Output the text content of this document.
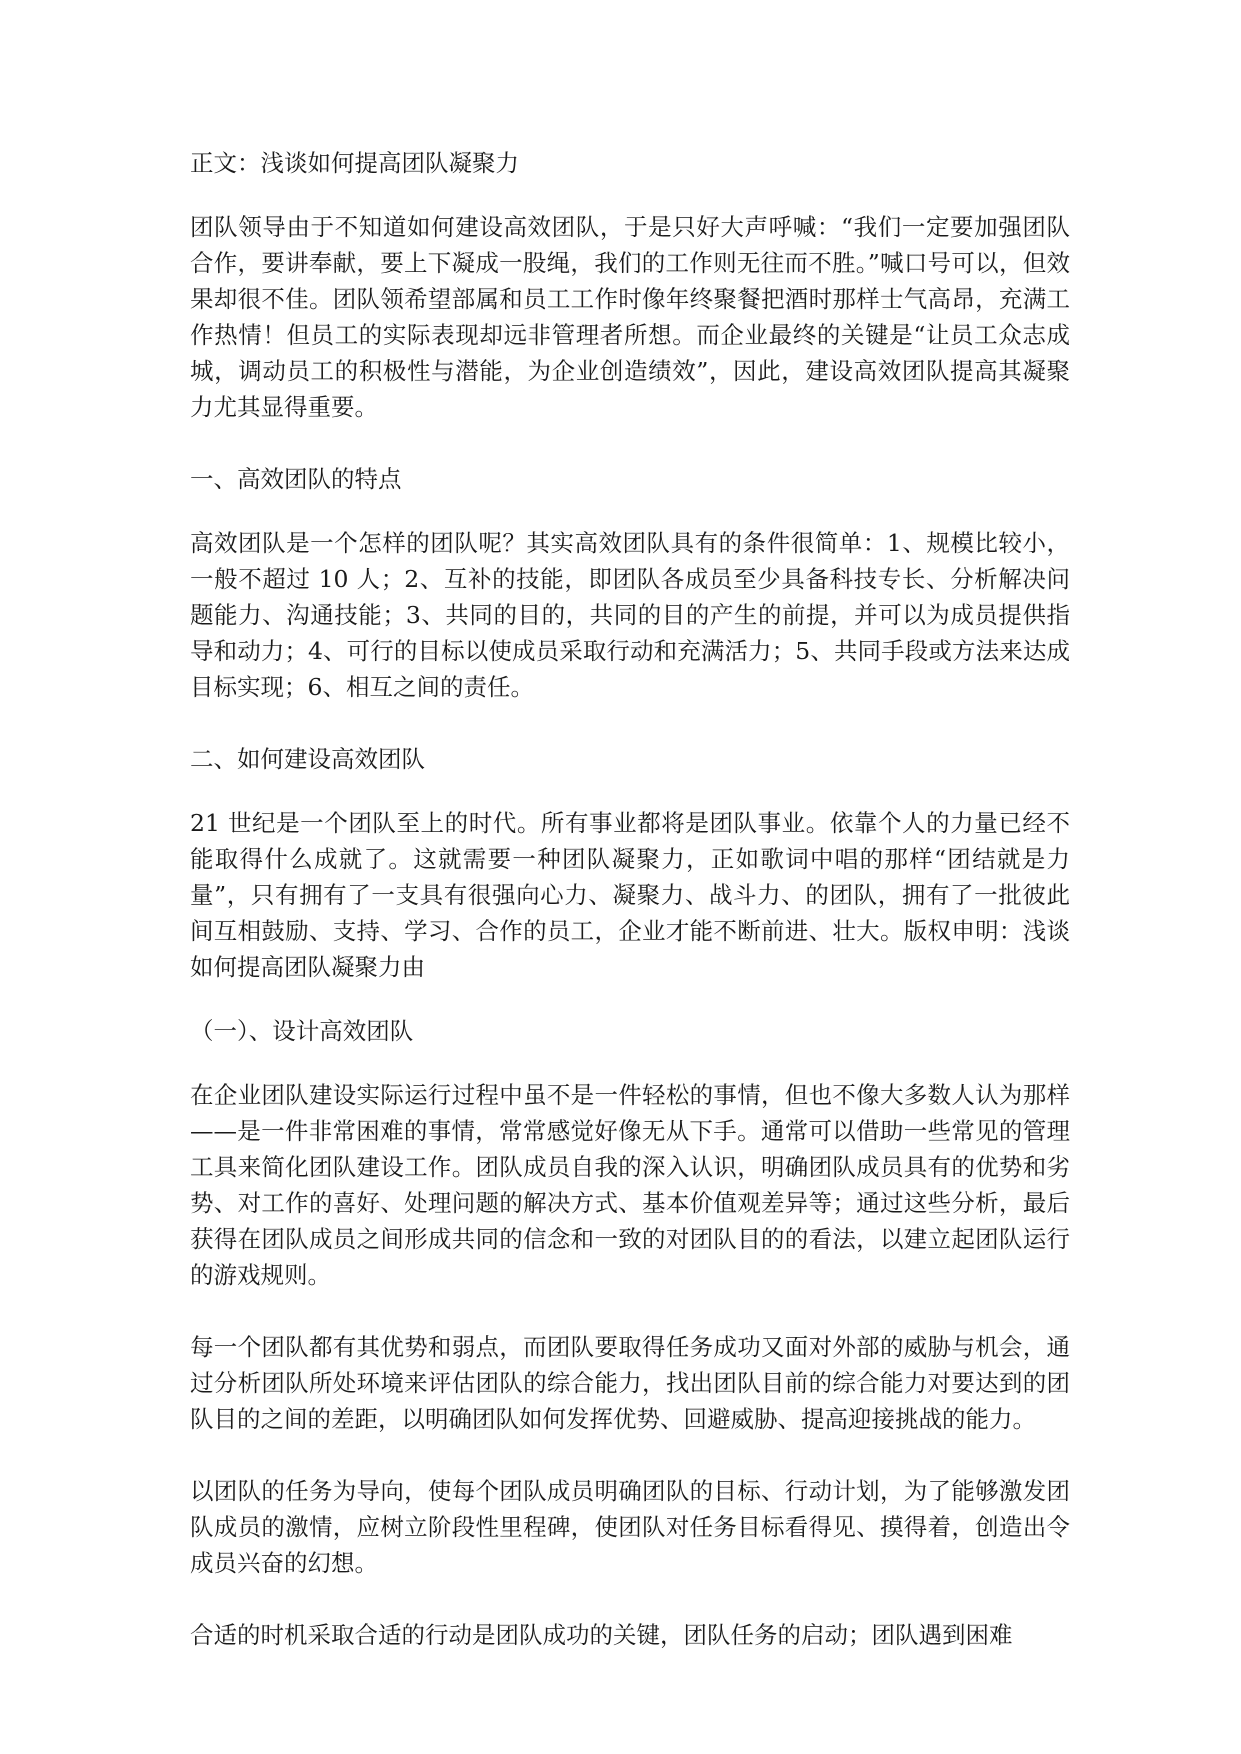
正文：浅谈如何提高团队凝聚力

团队领导由于不知道如何建设高效团队，于是只好大声呼喊：“我们一定要加强团队合作，要讲奉献，要上下凝成一股绳，我们的工作则无往而不胜。”喊口号可以，但效果却很不佳。团队领希望部属和员工工作时像年终聚餐把酒时那样士气高昂，充满工作热情！但员工的实际表现却远非管理者所想。而企业最终的关键是“让员工众志成城，调动员工的积极性与潜能，为企业创造绩效”，因此，建设高效团队提高其凝聚力尤其显得重要。

一、高效团队的特点

高效团队是一个怎样的团队呢？其实高效团队具有的条件很简单：1、规模比较小，一般不超过 10 人；2、互补的技能，即团队各成员至少具备科技专长、分析解决问题能力、沟通技能；3、共同的目的，共同的目的产生的前提，并可以为成员提供指导和动力；4、可行的目标以使成员采取行动和充满活力；5、共同手段或方法来达成目标实现；6、相互之间的责任。

二、如何建设高效团队

21 世纪是一个团队至上的时代。所有事业都将是团队事业。依靠个人的力量已经不能取得什么成就了。这就需要一种团队凝聚力，正如歌词中唱的那样“团结就是力量”，只有拥有了一支具有很强向心力、凝聚力、战斗力、的团队，拥有了一批彼此间互相鼓励、支持、学习、合作的员工，企业才能不断前进、壮大。版权申明：浅谈如何提高团队凝聚力由

（一）、设计高效团队

在企业团队建设实际运行过程中虽不是一件轻松的事情，但也不像大多数人认为那样——是一件非常困难的事情，常常感觉好像无从下手。通常可以借助一些常见的管理工具来简化团队建设工作。团队成员自我的深入认识，明确团队成员具有的优势和劣势、对工作的喜好、处理问题的解决方式、基本价值观差异等；通过这些分析，最后获得在团队成员之间形成共同的信念和一致的对团队目的的看法，以建立起团队运行的游戏规则。

每一个团队都有其优势和弱点，而团队要取得任务成功又面对外部的威胁与机会，通过分析团队所处环境来评估团队的综合能力，找出团队目前的综合能力对要达到的团队目的之间的差距，以明确团队如何发挥优势、回避威胁、提高迎接挑战的能力。

以团队的任务为导向，使每个团队成员明确团队的目标、行动计划，为了能够激发团队成员的激情，应树立阶段性里程碑，使团队对任务目标看得见、摸得着，创造出令成员兴奋的幻想。

合适的时机采取合适的行动是团队成功的关键，团队任务的启动；团队遇到困难
